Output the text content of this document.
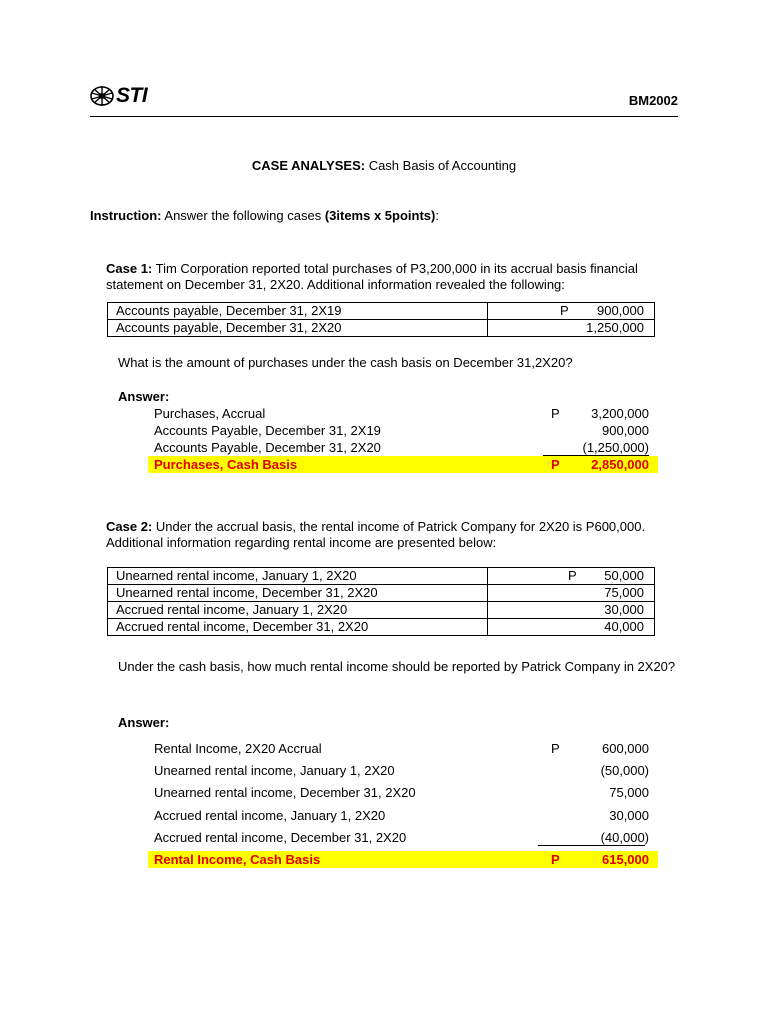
STI	BM2002
CASE ANALYSES: Cash Basis of Accounting
Instruction: Answer the following cases (3items x 5points):
Case 1: Tim Corporation reported total purchases of P3,200,000 in its accrual basis financial statement on December 31, 2X20. Additional information revealed the following:
Accounts payable, December 31, 2X19	P 900,000

Accounts payable, December 31, 2X20	1,250,000
What is the amount of purchases under the cash basis on December 31,2X20?
Answer:
Purchases, Accrual	P 3,200,000
Accounts Payable, December 31, 2X19	900,000
Accounts Payable, December 31, 2X20	(1,250,000)
Purchases, Cash Basis	P 2,850,000
Case 2: Under the accrual basis, the rental income of Patrick Company for 2X20 is P600,000. Additional information regarding rental income are presented below:
Unearned rental income, January 1, 2X20	P 50,000

Unearned rental income, December 31, 2X20	75,000

Accrued rental income, January 1, 2X20	30,000

Accrued rental income, December 31, 2X20	40,000
Under the cash basis, how much rental income should be reported by Patrick Company in 2X20?
Answer:
Rental Income, 2X20 Accrual	P	600,000
Unearned rental income, January 1, 2X20	(50,000)
Unearned rental income, December 31, 2X20	75,000
Accrued rental income, January 1, 2X20	30,000
Accrued rental income, December 31, 2X20	(40,000)
Rental Income, Cash Basis	P	615,000
